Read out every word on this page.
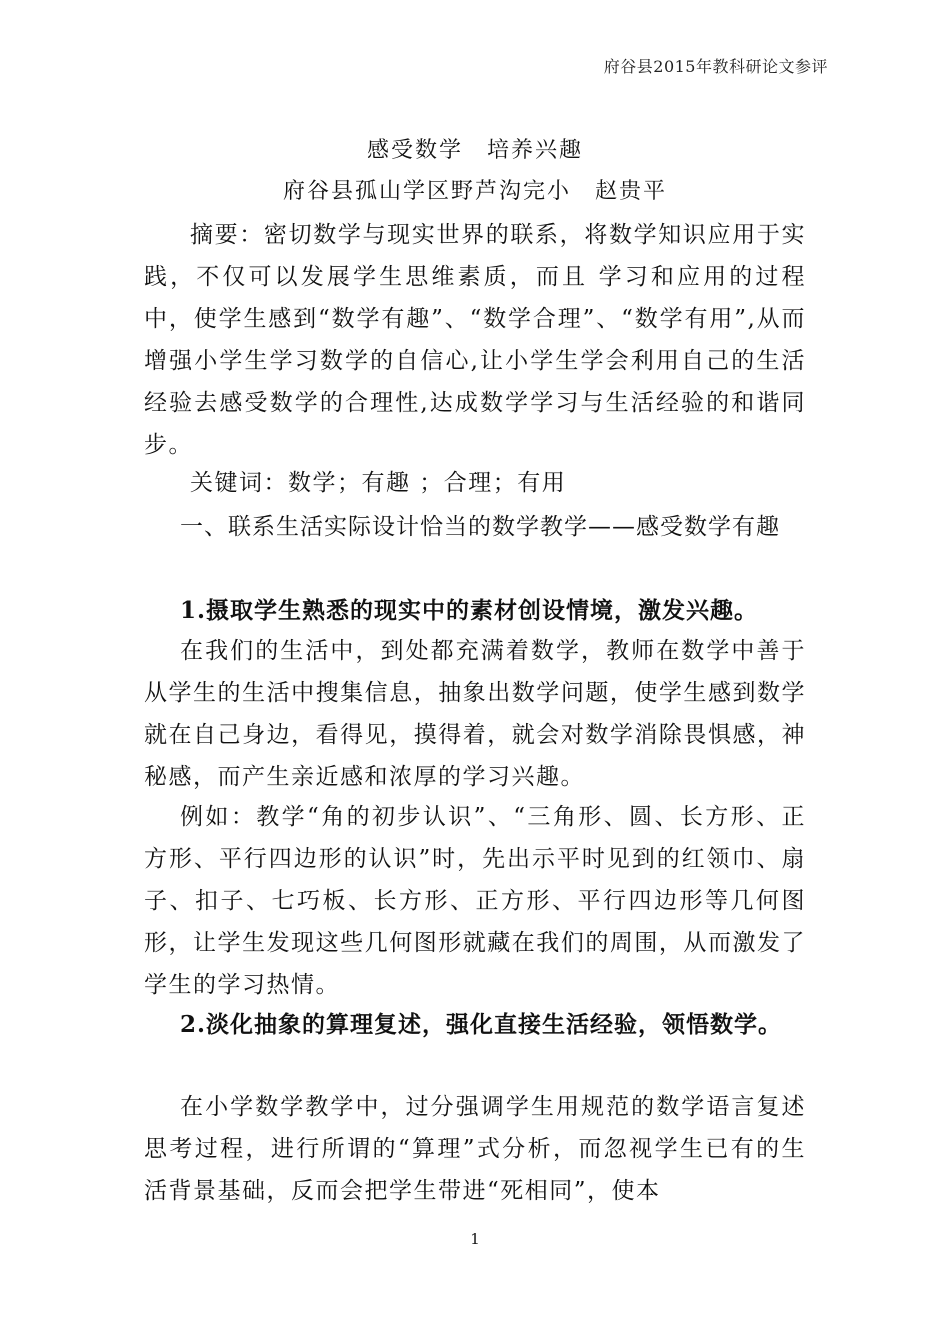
府谷县2015年教科研论文参评
感受数学　培养兴趣
府谷县孤山学区野芦沟完小　赵贵平
摘要：密切数学与现实世界的联系，将数学知识应用于实践，不仅可以发展学生思维素质，而且 学习和应用的过程中，使学生感到“数学有趣”、“数学合理”、“数学有用”,从而增强小学生学习数学的自信心,让小学生学会利用自己的生活经验去感受数学的合理性,达成数学学习与生活经验的和谐同步。
关键词：数学；有趣 ；合理；有用
一、联系生活实际设计恰当的数学教学——感受数学有趣
1.摄取学生熟悉的现实中的素材创设情境，激发兴趣。
在我们的生活中，到处都充满着数学，教师在数学中善于从学生的生活中搜集信息，抽象出数学问题，使学生感到数学就在自己身边，看得见，摸得着，就会对数学消除畏惧感，神秘感，而产生亲近感和浓厚的学习兴趣。
例如：教学“角的初步认识”、“三角形、圆、长方形、正方形、平行四边形的认识”时，先出示平时见到的红领巾、扇子、扣子、七巧板、长方形、正方形、平行四边形等几何图形，让学生发现这些几何图形就藏在我们的周围，从而激发了学生的学习热情。
2.淡化抽象的算理复述，强化直接生活经验，领悟数学。
在小学数学教学中，过分强调学生用规范的数学语言复述思考过程，进行所谓的“算理”式分析，而忽视学生已有的生活背景基础，反而会把学生带进“死相同”，使本
1
